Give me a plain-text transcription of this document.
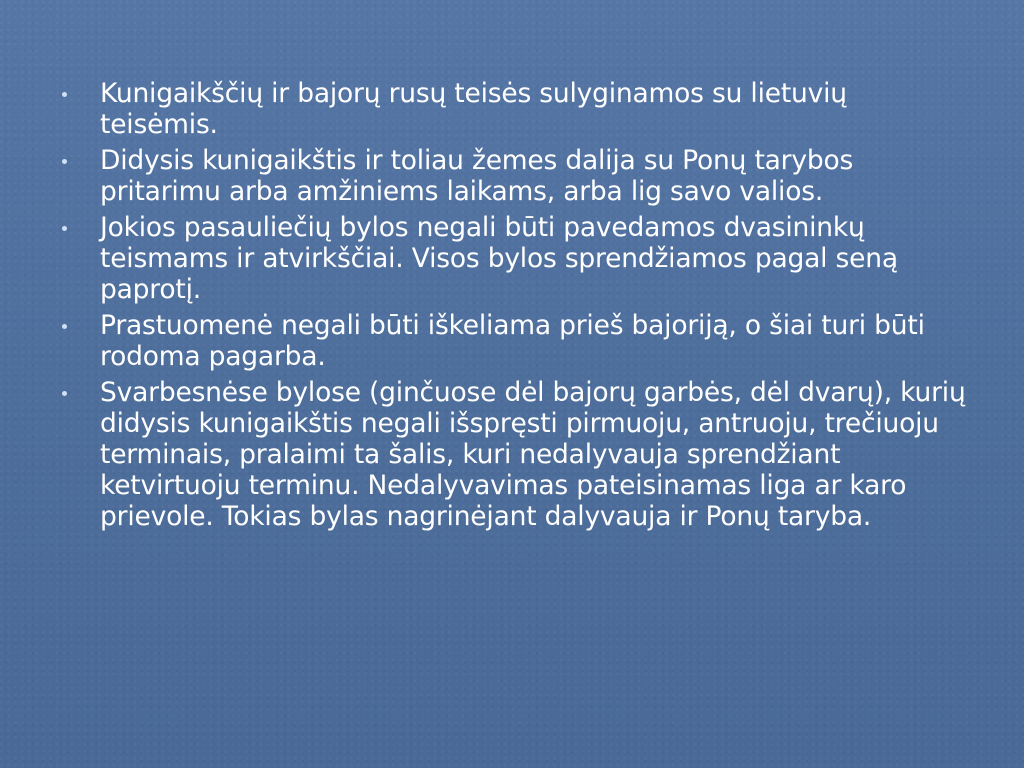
Kunigaikščių ir bajorų rusų teisės sulyginamos su lietuvių teisėmis.
Didysis kunigaikštis ir toliau žemes dalija su Ponų tarybos pritarimu arba amžiniems laikams, arba lig savo valios.
Jokios pasauliečių bylos negali būti pavedamos dvasininkų teismams ir atvirkščiai. Visos bylos sprendžiamos pagal seną paprotį.
Prastuomenė negali būti iškeliama prieš bajoriją, o šiai turi būti rodoma pagarba.
Svarbesnėse bylose (ginčuose dėl bajorų garbės, dėl dvarų), kurių didysis kunigaikštis negali išspręsti pirmuoju, antruoju, trečiuoju terminais, pralaimi ta šalis, kuri nedalyvauja sprendžiant ketvirtuoju terminu. Nedalyvavimas pateisinamas liga ar karo prievole. Tokias bylas nagrinėjant dalyvauja ir Ponų taryba.
